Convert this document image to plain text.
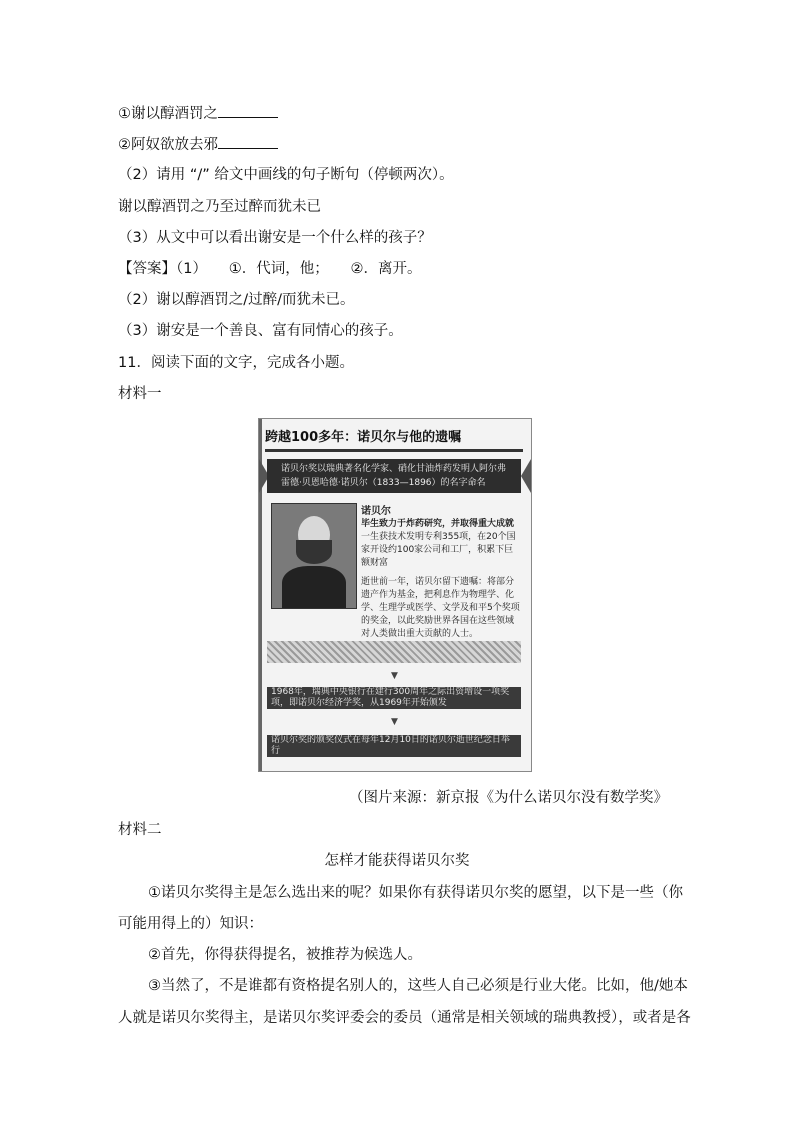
①谢以醇酒罚之
②阿奴欲放去邪
（2）请用 “/” 给文中画线的句子断句（停顿两次）。
谢以醇酒罚之乃至过醉而犹未已
（3）从文中可以看出谢安是一个什么样的孩子？
【答案】（1）　　①．代词，他；　　②．离开。
（2）谢以醇酒罚之/过醉/而犹未已。
（3）谢安是一个善良、富有同情心的孩子。
11．阅读下面的文字，完成各小题。
材料一
跨越100多年：诺贝尔与他的遗嘱
诺贝尔奖以瑞典著名化学家、硝化甘油炸药发明人阿尔弗雷德·贝恩哈德·诺贝尔（1833—1896）的名字命名

诺贝尔

毕生致力于炸药研究，并取得重大成就

一生获技术发明专利355项，在20个国家开设约100家公司和工厂，积累下巨额财富

逝世前一年，诺贝尔留下遗嘱：将部分遗产作为基金，把利息作为物理学、化学、生理学或医学、文学及和平5个奖项的奖金，以此奖励世界各国在这些领域对人类做出重大贡献的人士。

▼
1968年，瑞典中央银行在建行300周年之际出资增设一项奖项，即诺贝尔经济学奖，从1969年开始颁发
▼
诺贝尔奖的颁奖仪式在每年12月10日的诺贝尔逝世纪念日举行
（图片来源：新京报《为什么诺贝尔没有数学奖》
材料二
怎样才能获得诺贝尔奖
①诺贝尔奖得主是怎么选出来的呢？如果你有获得诺贝尔奖的愿望，以下是一些（你
可能用得上的）知识：
②首先，你得获得提名，被推荐为候选人。
③当然了，不是谁都有资格提名别人的，这些人自己必须是行业大佬。比如，他/她本
人就是诺贝尔奖得主，是诺贝尔奖评委会的委员（通常是相关领域的瑞典教授），或者是各
